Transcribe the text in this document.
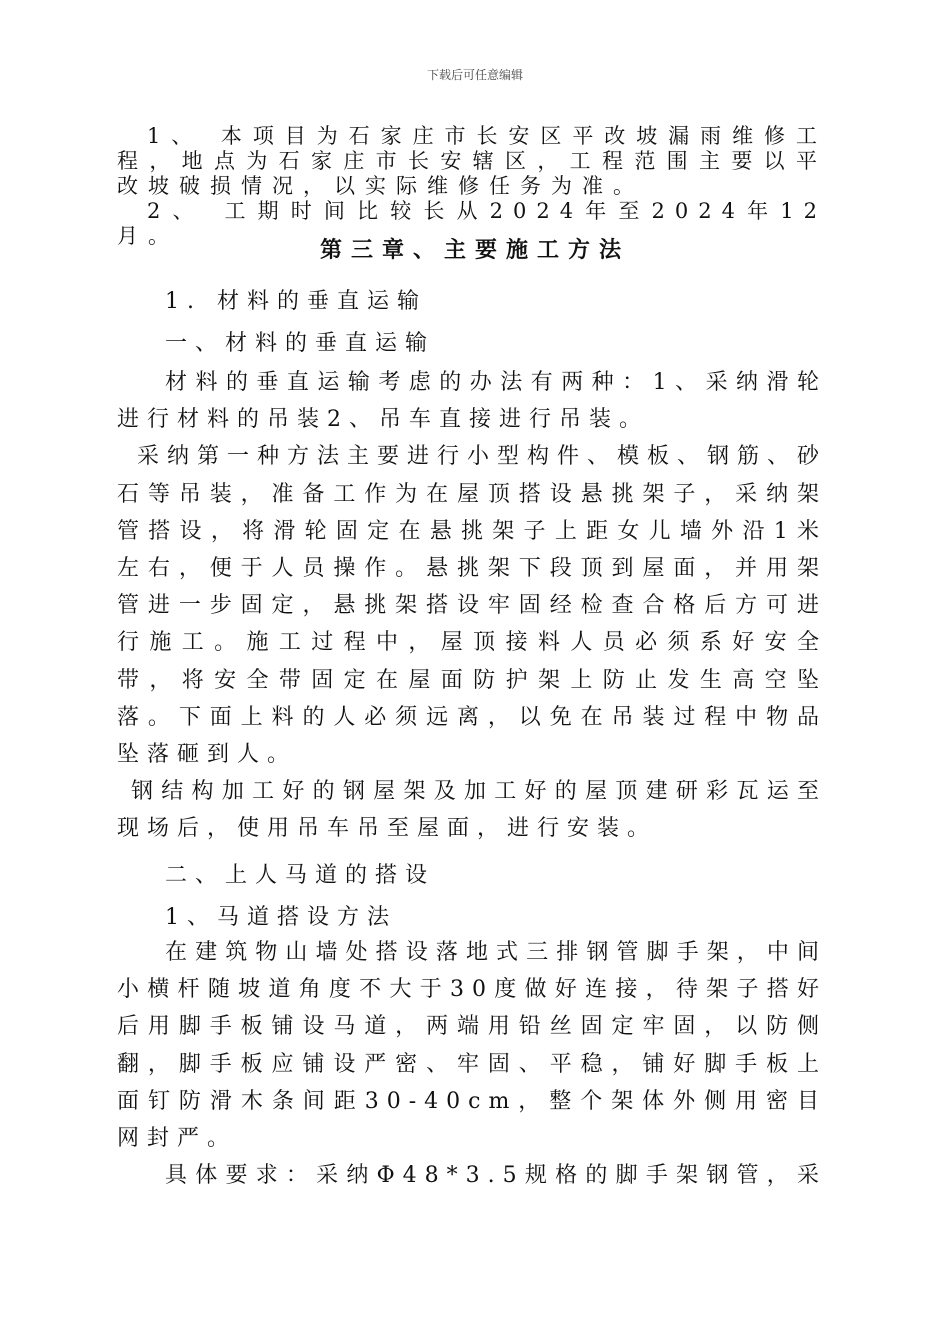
下载后可任意编辑

1、 本项目为石家庄市长安区平改坡漏雨维修工程，地点为石家庄市长安辖区，工程范围主要以平改坡破损情况，以实际维修任务为准。

2、 工期时间比较长从2024年至2024年12月。

第三章、主要施工方法
1. 材料的垂直运输
一、材料的垂直运输

材料的垂直运输考虑的办法有两种：1、采纳滑轮进行材料的吊装2、吊车直接进行吊装。

采纳第一种方法主要进行小型构件、模板、钢筋、砂石等吊装，准备工作为在屋顶搭设悬挑架子，采纳架管搭设，将滑轮固定在悬挑架子上距女儿墙外沿1米左右，便于人员操作。悬挑架下段顶到屋面，并用架管进一步固定，悬挑架搭设牢固经检查合格后方可进行施工。施工过程中，屋顶接料人员必须系好安全带，将安全带固定在屋面防护架上防止发生高空坠落。下面上料的人必须远离，以免在吊装过程中物品坠落砸到人。

钢结构加工好的钢屋架及加工好的屋顶建研彩瓦运至现场后，使用吊车吊至屋面，进行安装。

二、上人马道的搭设
1、马道搭设方法

在建筑物山墙处搭设落地式三排钢管脚手架，中间小横杆随坡道角度不大于30度做好连接，待架子搭好后用脚手板铺设马道，两端用铅丝固定牢固，以防侧翻，脚手板应铺设严密、牢固、平稳，铺好脚手板上面钉防滑木条间距30-40cm，整个架体外侧用密目网封严。

具体要求：采纳Φ48*3.5规格的脚手架钢管，采
